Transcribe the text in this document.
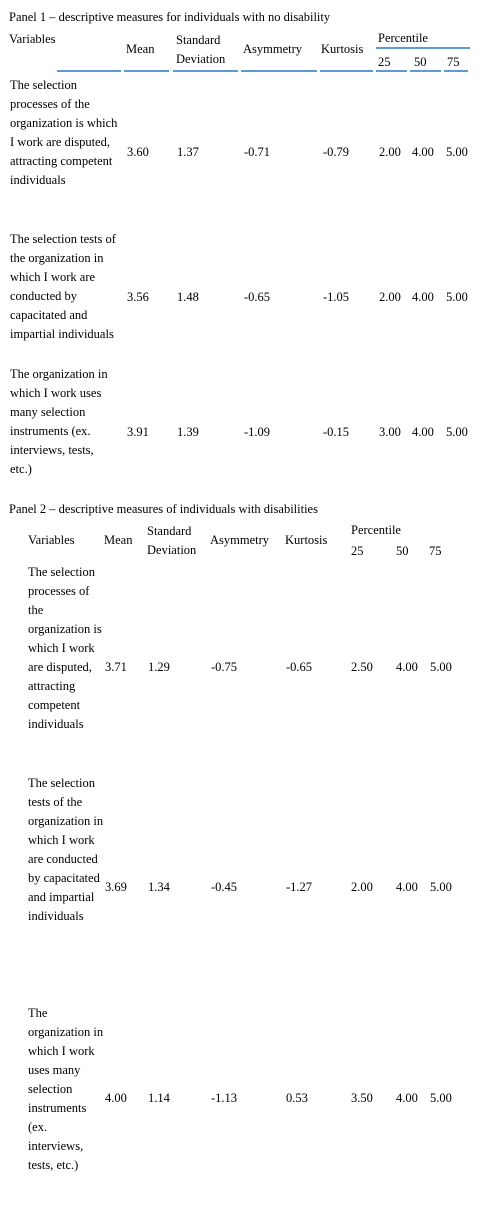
Panel 1 – descriptive measures for individuals with no disability
Variables
Mean
Standard
Deviation
Asymmetry Kurtosis
Percentile
25 50 75
The selection processes of the organization is which I work are disputed, attracting competent individuals
3.60 1.37	-0.71	-0.79 2.00 4.00 5.00
The selection tests of the organization in which I work are conducted by capacitated and impartial individuals
3.56 1.48	-0.65	-1.05 2.00 4.00 5.00
The organization in which I work uses many selection instruments (ex. interviews, tests, etc.)
3.91 1.39	-1.09	-0.15 3.00 4.00 5.00
Panel 2 – descriptive measures of individuals with disabilities
Variables Mean
Standard
Deviation
Asymmetry Kurtosis
Percentile
25	50 75
The selection processes of the organization is which I work are disputed, attracting competent individuals
3.71 1.29	-0.75	-0.65	2.50 4.00 5.00
The selection tests of the organization in which I work are conducted by capacitated and impartial individuals
3.69 1.34	-0.45	-1.27	2.00 4.00 5.00
The organization in which I work uses many selection instruments (ex. interviews, tests, etc.)
4.00 1.14	-1.13	0.53	3.50 4.00 5.00
